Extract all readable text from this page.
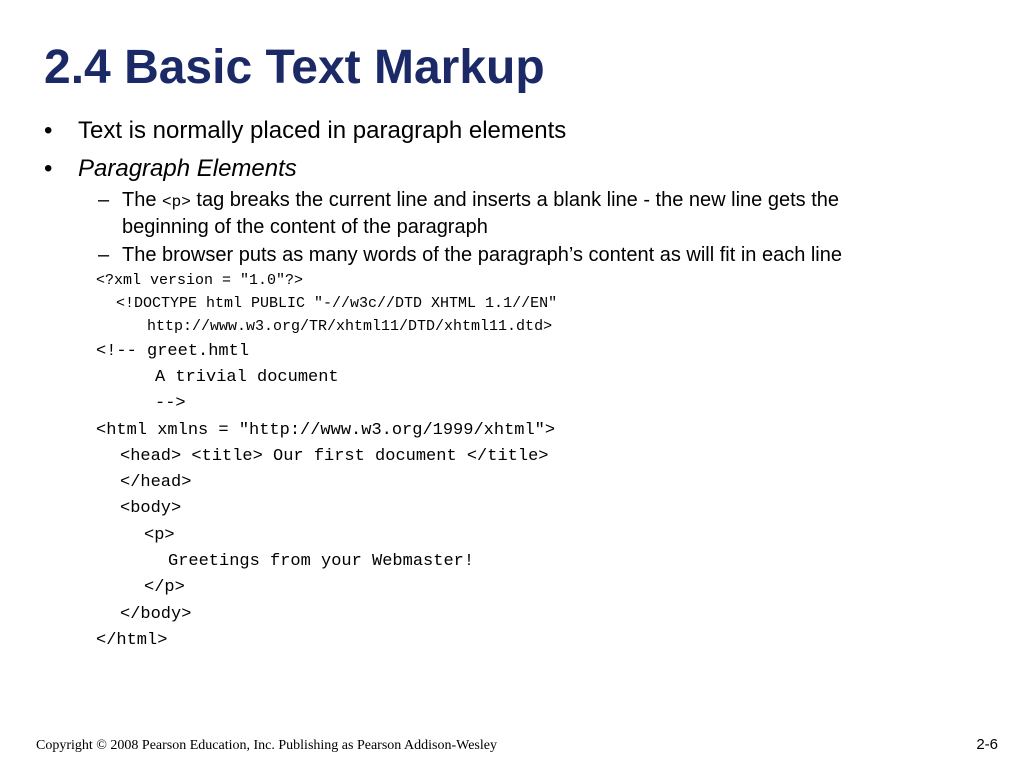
2.4 Basic Text Markup
• Text is normally placed in paragraph elements
• Paragraph Elements
– The <p> tag breaks the current line and inserts a blank line - the new line gets the
beginning of the content of the paragraph
– The browser puts as many words of the paragraph’s content as will fit in each line
<?xml version = ″1.0″?>
<!DOCTYPE html PUBLIC ″-//w3c//DTD XHTML 1.1//EN″
http://www.w3.org/TR/xhtml11/DTD/xhtml11.dtd>
<!-- greet.hmtl
A trivial document
-->
<html xmlns = ″http://www.w3.org/1999/xhtml″>
<head> <title> Our first document </title>
</head>
<body>
<p>
Greetings from your Webmaster!
</p>
</body>
</html>
Copyright © 2008 Pearson Education, Inc. Publishing as Pearson Addison-Wesley	2-6
